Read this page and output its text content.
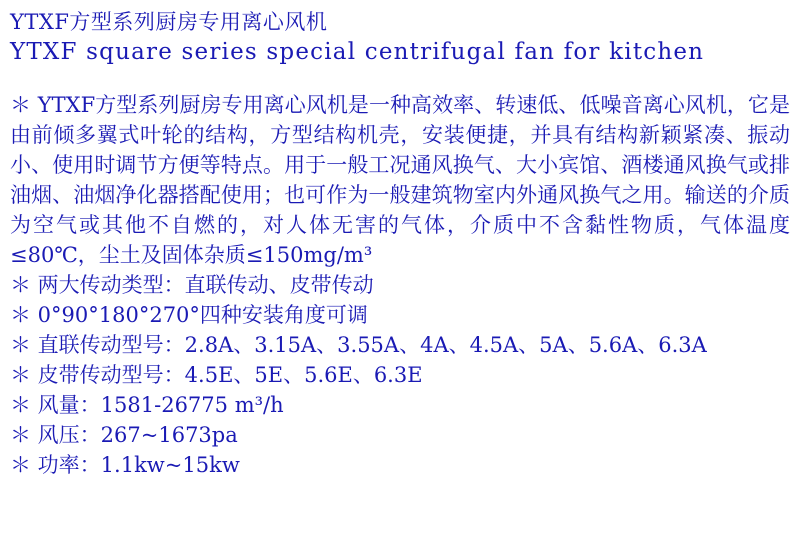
YTXF方型系列厨房专用离心风机
YTXF square series special centrifugal fan for kitchen

＊ YTXF方型系列厨房专用离心风机是一种高效率、转速低、低噪音离心风机，它是由前倾多翼式叶轮的结构，方型结构机壳，安装便捷，并具有结构新颖紧凑、振动小、使用时调节方便等特点。用于一般工况通风换气、大小宾馆、酒楼通风换气或排油烟、油烟净化器搭配使用；也可作为一般建筑物室内外通风换气之用。输送的介质为空气或其他不自燃的，对人体无害的气体，介质中不含黏性物质，气体温度≤80℃，尘土及固体杂质≤150mg/m³

＊ 两大传动类型：直联传动、皮带传动

＊ 0°90°180°270°四种安装角度可调

＊ 直联传动型号：2.8A、3.15A、3.55A、4A、4.5A、5A、5.6A、6.3A

＊ 皮带传动型号：4.5E、5E、5.6E、6.3E

＊ 风量：1581-26775 m³/h

＊ 风压：267~1673pa

＊ 功率：1.1kw~15kw
